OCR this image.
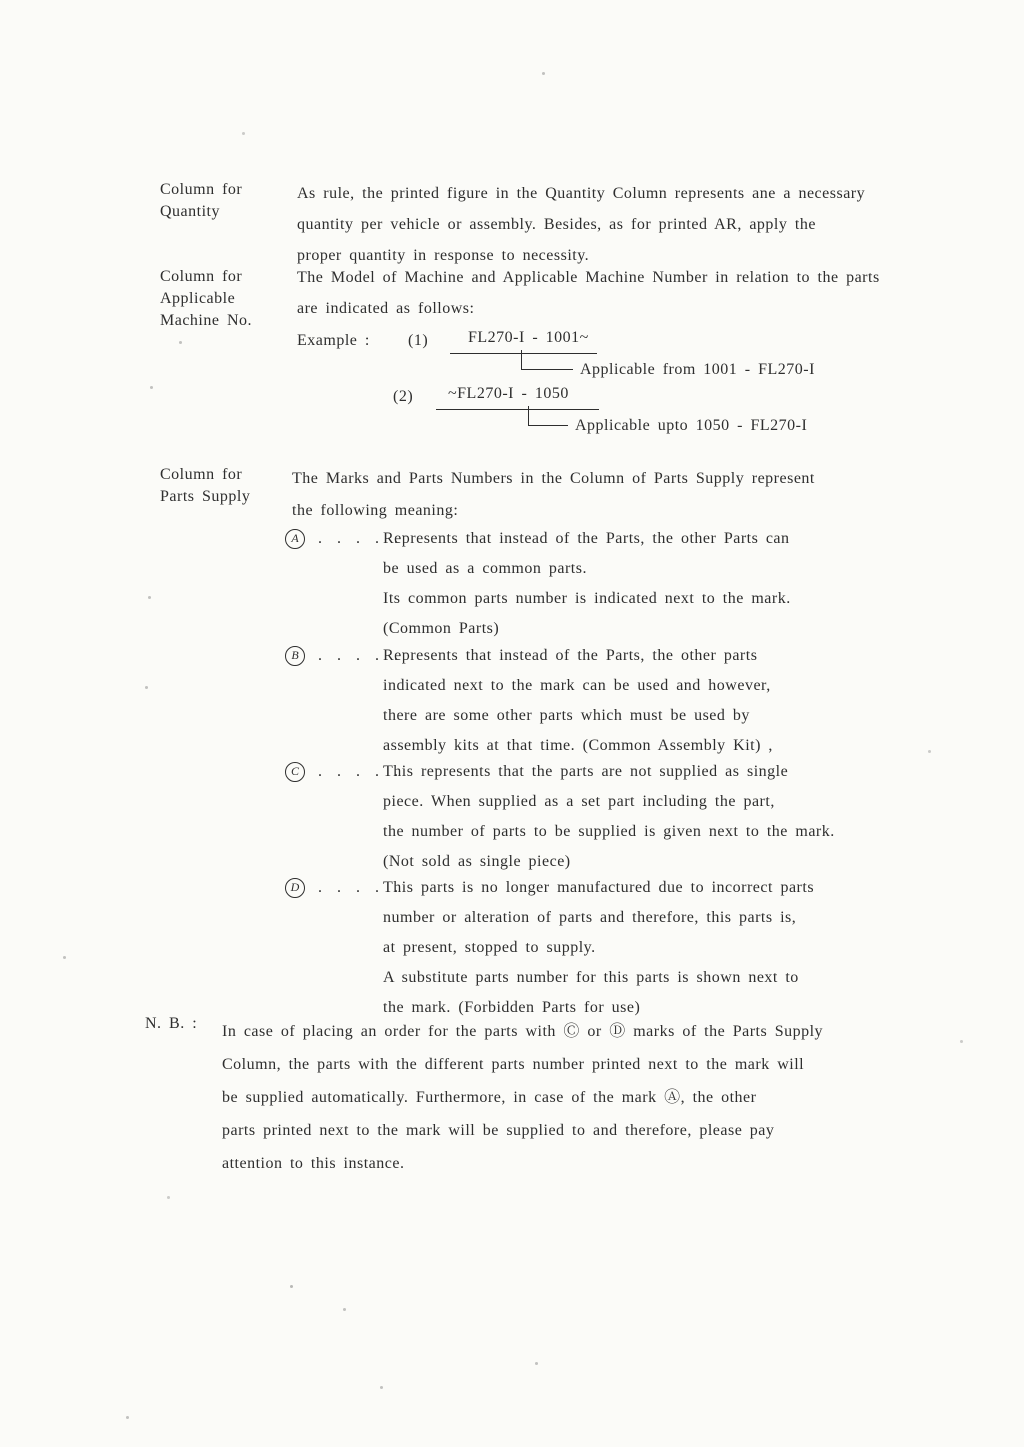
Column for
Quantity
As rule, the printed figure in the Quantity Column represents ane a necessary
quantity per vehicle or assembly. Besides, as for printed AR, apply the
proper quantity in response to necessity.
Column for
Applicable
Machine No.
The Model of Machine and Applicable Machine Number in relation to the parts
are indicated as follows:
Example : (1)	FL270-I - 1001~
Applicable from 1001 - FL270-I
(2)	~FL270-I - 1050
Applicable upto 1050 - FL270-I
Column for
Parts Supply
The Marks and Parts Numbers in the Column of Parts Supply represent
the following meaning:
A	. . . . .
Represents that instead of the Parts, the other Parts can
be used as a common parts.
Its common parts number is indicated next to the mark.
(Common Parts)
B	. . . . .
Represents that instead of the Parts, the other parts
indicated next to the mark can be used and however,
there are some other parts which must be used by
assembly kits at that time. (Common Assembly Kit) ,
C	. . . . .
This represents that the parts are not supplied as single
piece. When supplied as a set part including the part,
the number of parts to be supplied is given next to the mark.
(Not sold as single piece)
D	. . . . .
This parts is no longer manufactured due to incorrect parts
number or alteration of parts and therefore, this parts is,
at present, stopped to supply.
A substitute parts number for this parts is shown next to
the mark. (Forbidden Parts for use)
N. B. : In case of placing an order for the parts with Ⓒ or Ⓓ marks of the Parts Supply
Column, the parts with the different parts number printed next to the mark will
be supplied automatically. Furthermore, in case of the mark Ⓐ, the other
parts printed next to the mark will be supplied to and therefore, please pay
attention to this instance.
